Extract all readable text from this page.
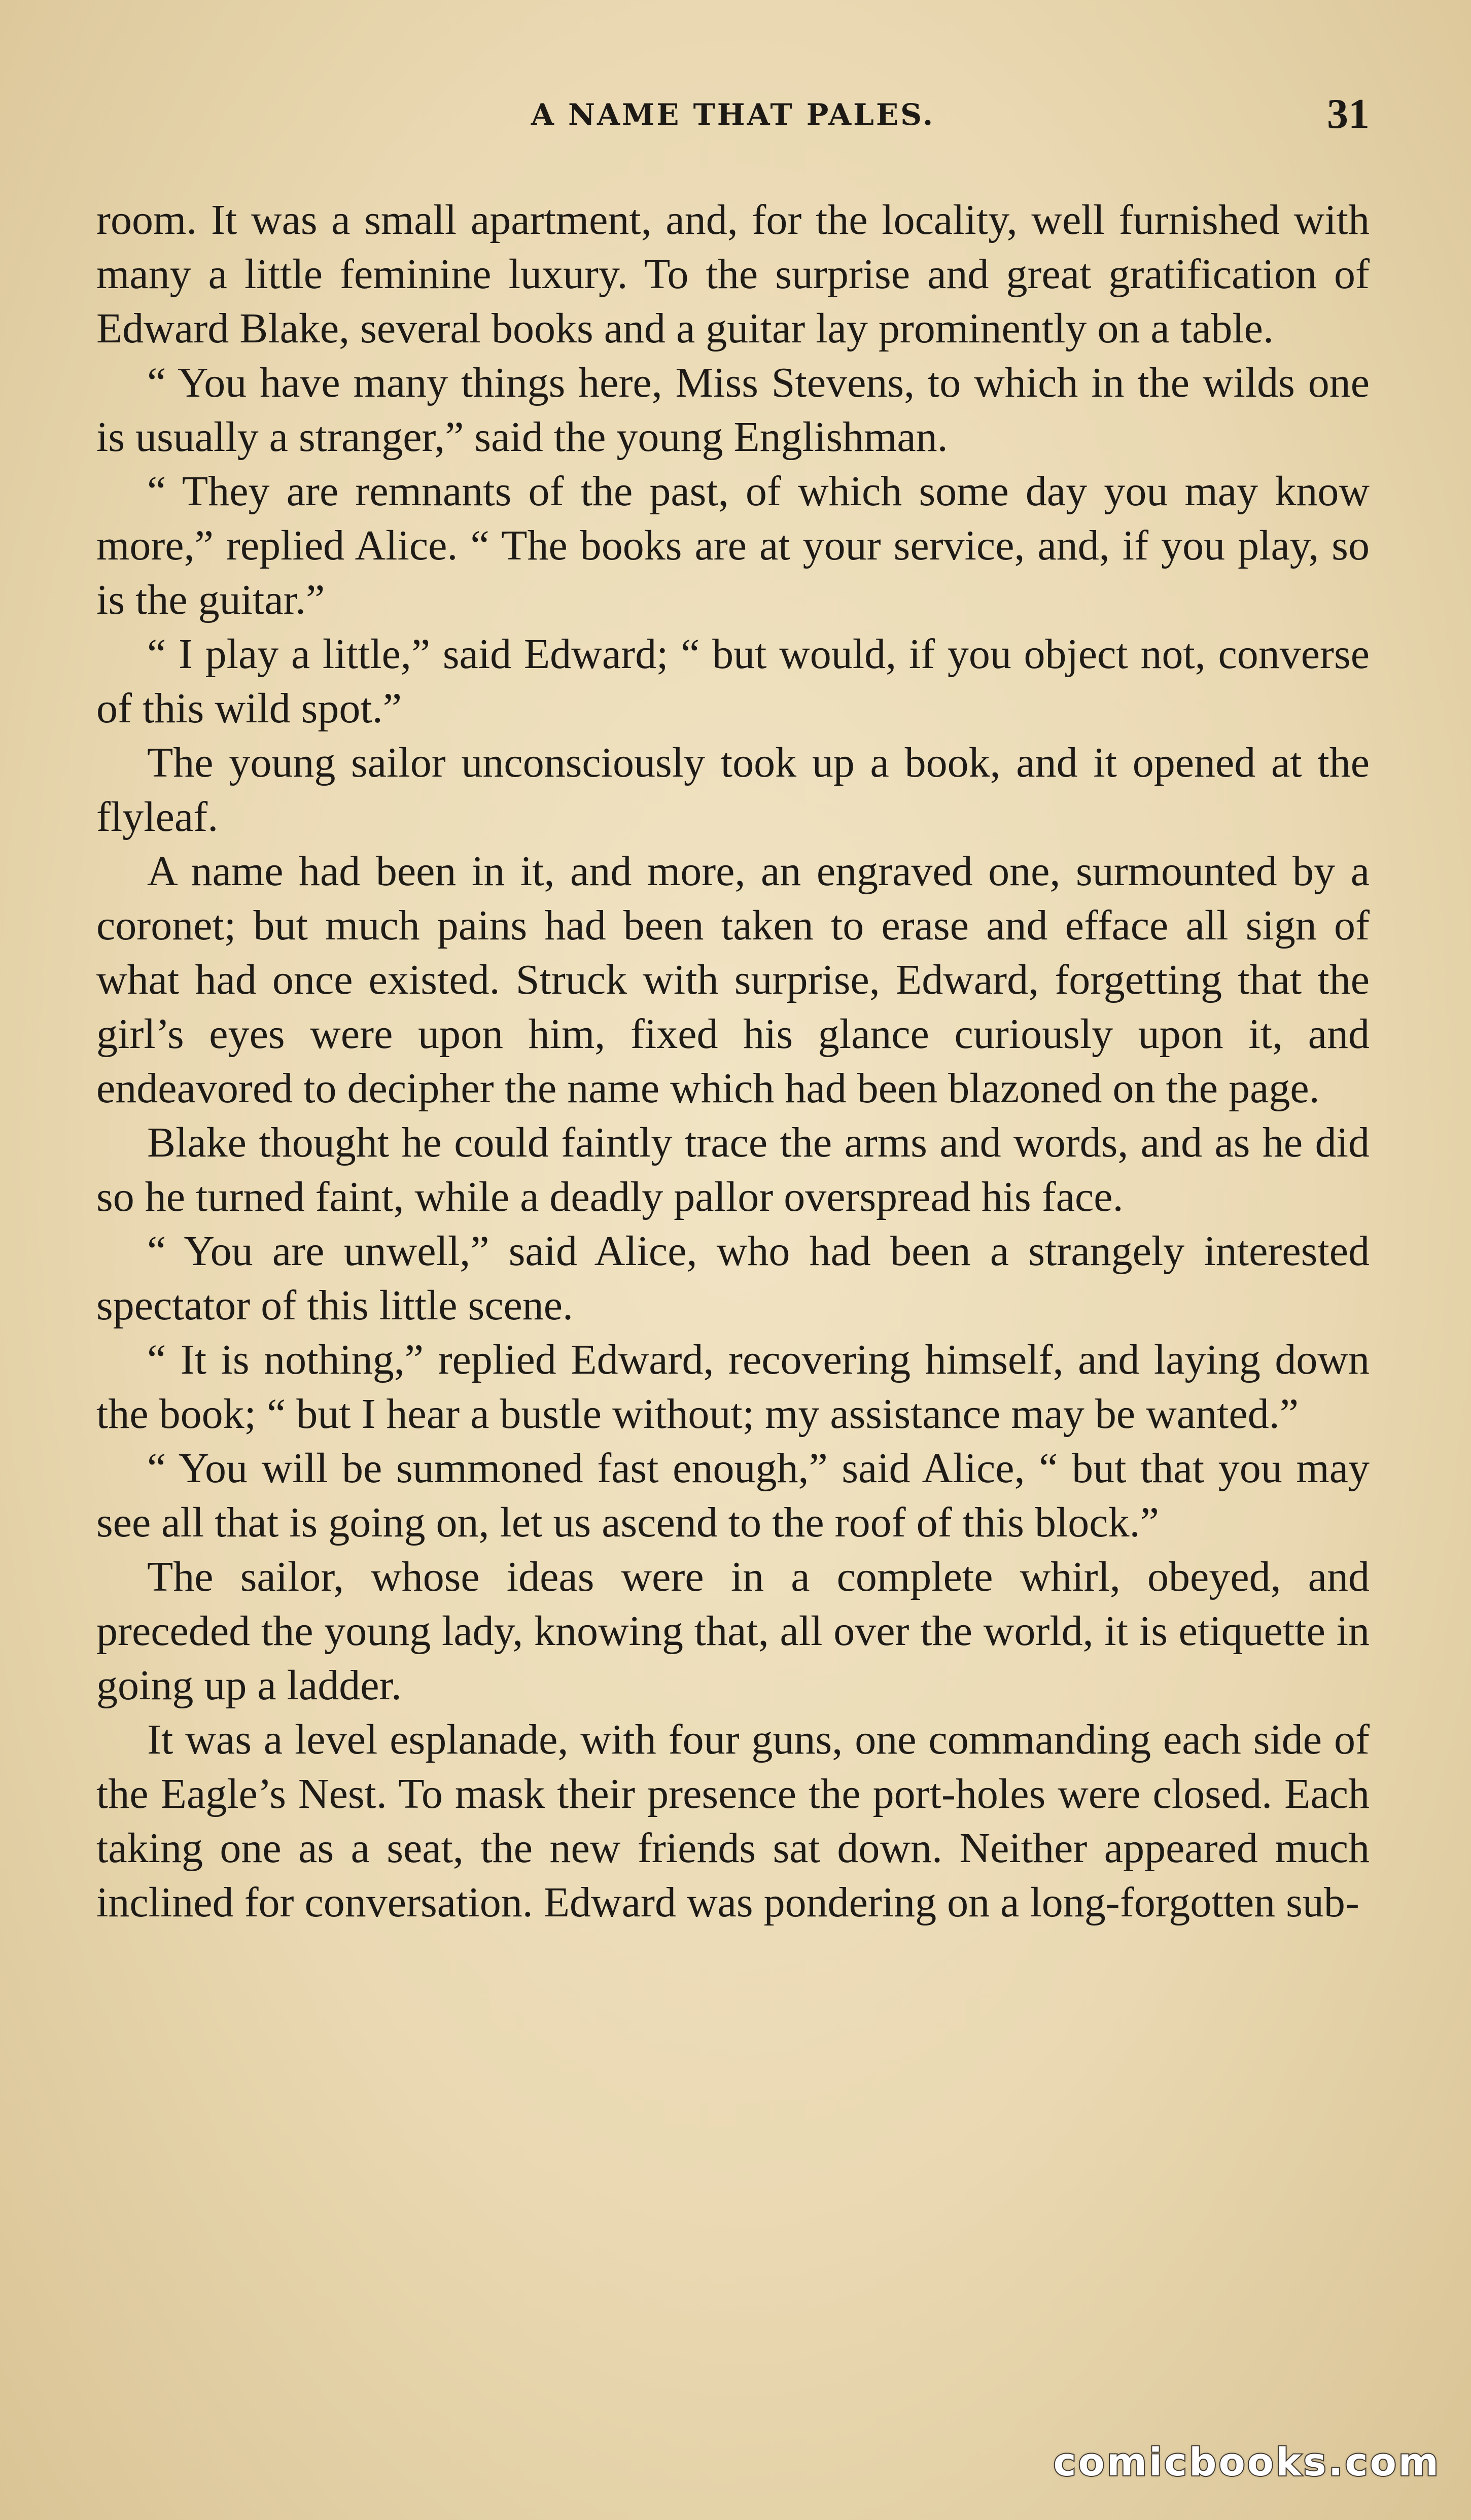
A NAME THAT PALES.	31

room. It was a small apartment, and, for the locality, well furnished with many a little feminine luxury. To the surprise and great gratification of Edward Blake, several books and a guitar lay prominently on a table.

“ You have many things here, Miss Stevens, to which in the wilds one is usually a stranger,” said the young Englishman.

“ They are remnants of the past, of which some day you may know more,” replied Alice. “ The books are at your service, and, if you play, so is the guitar.”

“ I play a little,” said Edward; “ but would, if you object not, converse of this wild spot.”

The young sailor unconsciously took up a book, and it opened at the flyleaf.

A name had been in it, and more, an engraved one, surmounted by a coronet; but much pains had been taken to erase and efface all sign of what had once existed. Struck with surprise, Edward, forgetting that the girl’s eyes were upon him, fixed his glance curiously upon it, and endeavored to decipher the name which had been blazoned on the page.

Blake thought he could faintly trace the arms and words, and as he did so he turned faint, while a deadly pallor overspread his face.

“ You are unwell,” said Alice, who had been a strangely interested spectator of this little scene.

“ It is nothing,” replied Edward, recovering himself, and laying down the book; “ but I hear a bustle without; my assistance may be wanted.”

“ You will be summoned fast enough,” said Alice, “ but that you may see all that is going on, let us ascend to the roof of this block.”

The sailor, whose ideas were in a complete whirl, obeyed, and preceded the young lady, knowing that, all over the world, it is etiquette in going up a ladder.

It was a level esplanade, with four guns, one commanding each side of the Eagle’s Nest. To mask their presence the port-holes were closed. Each taking one as a seat, the new friends sat down. Neither appeared much inclined for conversation. Edward was pondering on a long-forgotten sub-

comicbooks.com
